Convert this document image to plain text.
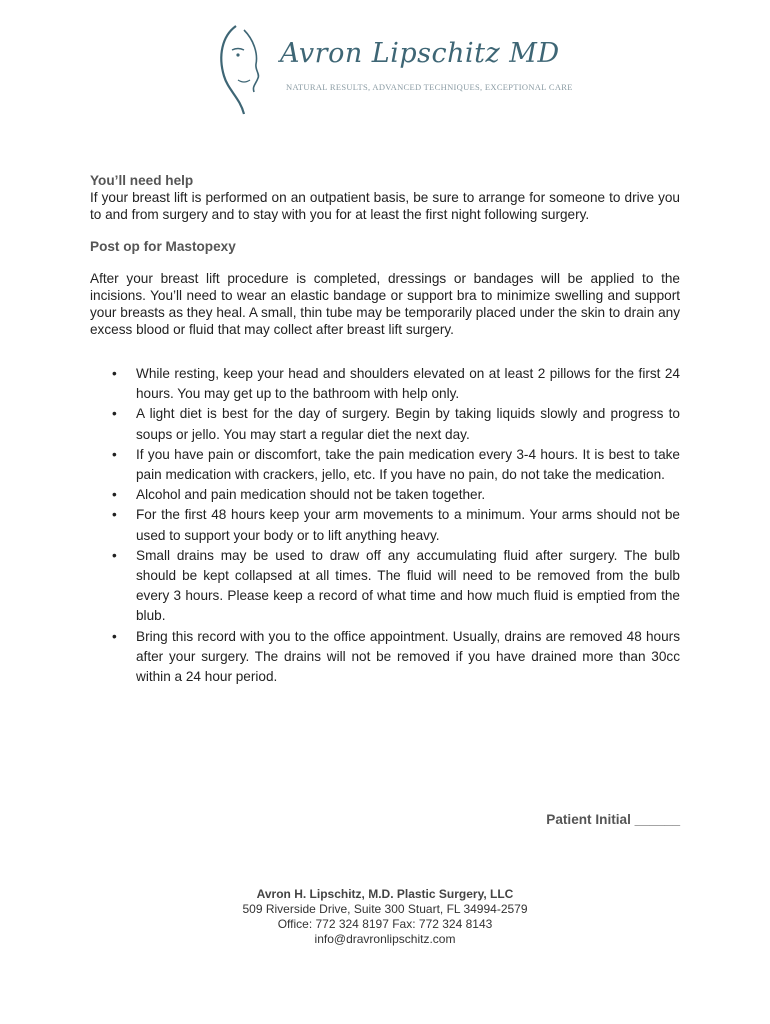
Avron Lipschitz MD
NATURAL RESULTS, ADVANCED TECHNIQUES, EXCEPTIONAL CARE

You’ll need help

If your breast lift is performed on an outpatient basis, be sure to arrange for someone to drive you to and from surgery and to stay with you for at least the first night following surgery.

Post op for Mastopexy

After your breast lift procedure is completed, dressings or bandages will be applied to the incisions. You’ll need to wear an elastic bandage or support bra to minimize swelling and support your breasts as they heal. A small, thin tube may be temporarily placed under the skin to drain any excess blood or fluid that may collect after breast lift surgery.

• While resting, keep your head and shoulders elevated on at least 2 pillows for the first 24 hours. You may get up to the bathroom with help only.
• A light diet is best for the day of surgery. Begin by taking liquids slowly and progress to soups or jello. You may start a regular diet the next day.
• If you have pain or discomfort, take the pain medication every 3-4 hours. It is best to take pain medication with crackers, jello, etc. If you have no pain, do not take the medication.
• Alcohol and pain medication should not be taken together.
• For the first 48 hours keep your arm movements to a minimum. Your arms should not be used to support your body or to lift anything heavy.
• Small drains may be used to draw off any accumulating fluid after surgery. The bulb should be kept collapsed at all times. The fluid will need to be removed from the bulb every 3 hours. Please keep a record of what time and how much fluid is emptied from the blub.
• Bring this record with you to the office appointment. Usually, drains are removed 48 hours after your surgery. The drains will not be removed if you have drained more than 30cc within a 24 hour period.
Patient Initial ______
Avron H. Lipschitz, M.D. Plastic Surgery, LLC
509 Riverside Drive, Suite 300 Stuart, FL 34994-2579
Office: 772 324 8197 Fax: 772 324 8143
info@dravronlipschitz.com
